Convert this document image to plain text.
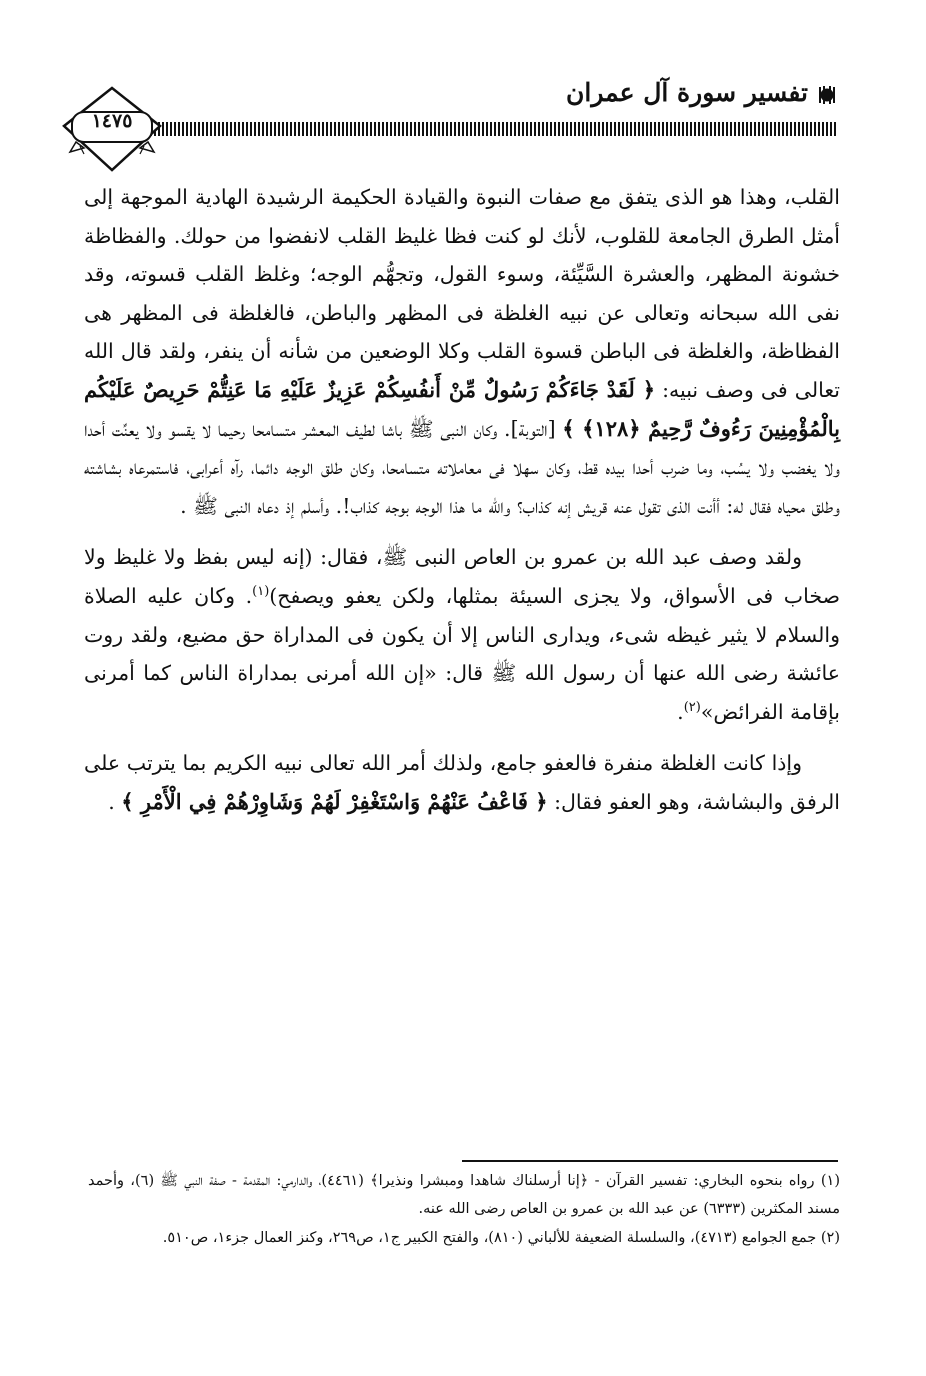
تفسير سورة آل عمران
١٤٧٥

القلب، وهذا هو الذى يتفق مع صفات النبوة والقيادة الحكيمة الرشيدة الهادية الموجهة إلى أمثل الطرق الجامعة للقلوب، لأنك لو كنت فظا غليظ القلب لانفضوا من حولك. والفظاظة خشونة المظهر، والعشرة السَّيِّئة، وسوء القول، وتجهُّم الوجه؛ وغلظ القلب قسوته، وقد نفى الله سبحانه وتعالى عن نبيه الغلظة فى المظهر والباطن، فالغلظة فى المظهر هى الفظاظة، والغلظة فى الباطن قسوة القلب وكلا الوضعين من شأنه أن ينفر، ولقد قال الله تعالى فى وصف نبيه: ﴿ لَقَدْ جَاءَكُمْ رَسُولٌ مِّنْ أَنفُسِكُمْ عَزِيزٌ عَلَيْهِ مَا عَنِتُّمْ حَرِيصٌ عَلَيْكُم بِالْمُؤْمِنِينَ رَءُوفٌ رَّحِيمٌ ﴿١٢٨﴾ ﴾ [التوبة]. وكان النبى ﷺ باشا لطيف المعشر متسامحا رحيما لا يقسو ولا يعنِّت أحدا ولا يغضب ولا يسُب، وما ضرب أحدا بيده قط، وكان سهلا فى معاملاته متسامحا، وكان طلق الوجه دائما، رآه أعرابى، فاستمرعاه بشاشته وطلق محياه فقال له: أأنت الذى تقول عنه قريش إنه كذاب؟ والله ما هذا الوجه بوجه كذاب!. وأسلم إذ دعاه النبى ﷺ .

ولقد وصف عبد الله بن عمرو بن العاص النبى ﷺ، فقال: (إنه ليس بفظ ولا غليظ ولا صخاب فى الأسواق، ولا يجزى السيئة بمثلها، ولكن يعفو ويصفح)$^{(١)}$. وكان عليه الصلاة والسلام لا يثير غيظه شىء، ويدارى الناس إلا أن يكون فى المداراة حق مضيع، ولقد روت عائشة رضى الله عنها أن رسول الله ﷺ قال: «إن الله أمرنى بمداراة الناس كما أمرنى بإقامة الفرائض»$^{(٢)}$.

وإذا كانت الغلظة منفرة فالعفو جامع، ولذلك أمر الله تعالى نبيه الكريم بما يترتب على الرفق والبشاشة، وهو العفو فقال: ﴿ فَاعْفُ عَنْهُمْ وَاسْتَغْفِرْ لَهُمْ وَشَاوِرْهُمْ فِي الْأَمْرِ ﴾ .

(١) رواه بنحوه البخاري: تفسير القرآن - ﴿إنا أرسلناك شاهدا ومبشرا ونذيرا﴾ (٤٤٦١)، والدارمي: المقدمة - صفة النبي ﷺ (٦)، وأحمد مسند المكثرين (٦٣٣٣) عن عبد الله بن عمرو بن العاص رضى الله عنه.

(٢) جمع الجوامع (٤٧١٣)، والسلسلة الضعيفة للألباني (٨١٠)، والفتح الكبير ج١، ص٢٦٩، وكنز العمال جزء١، ص٥١٠.
